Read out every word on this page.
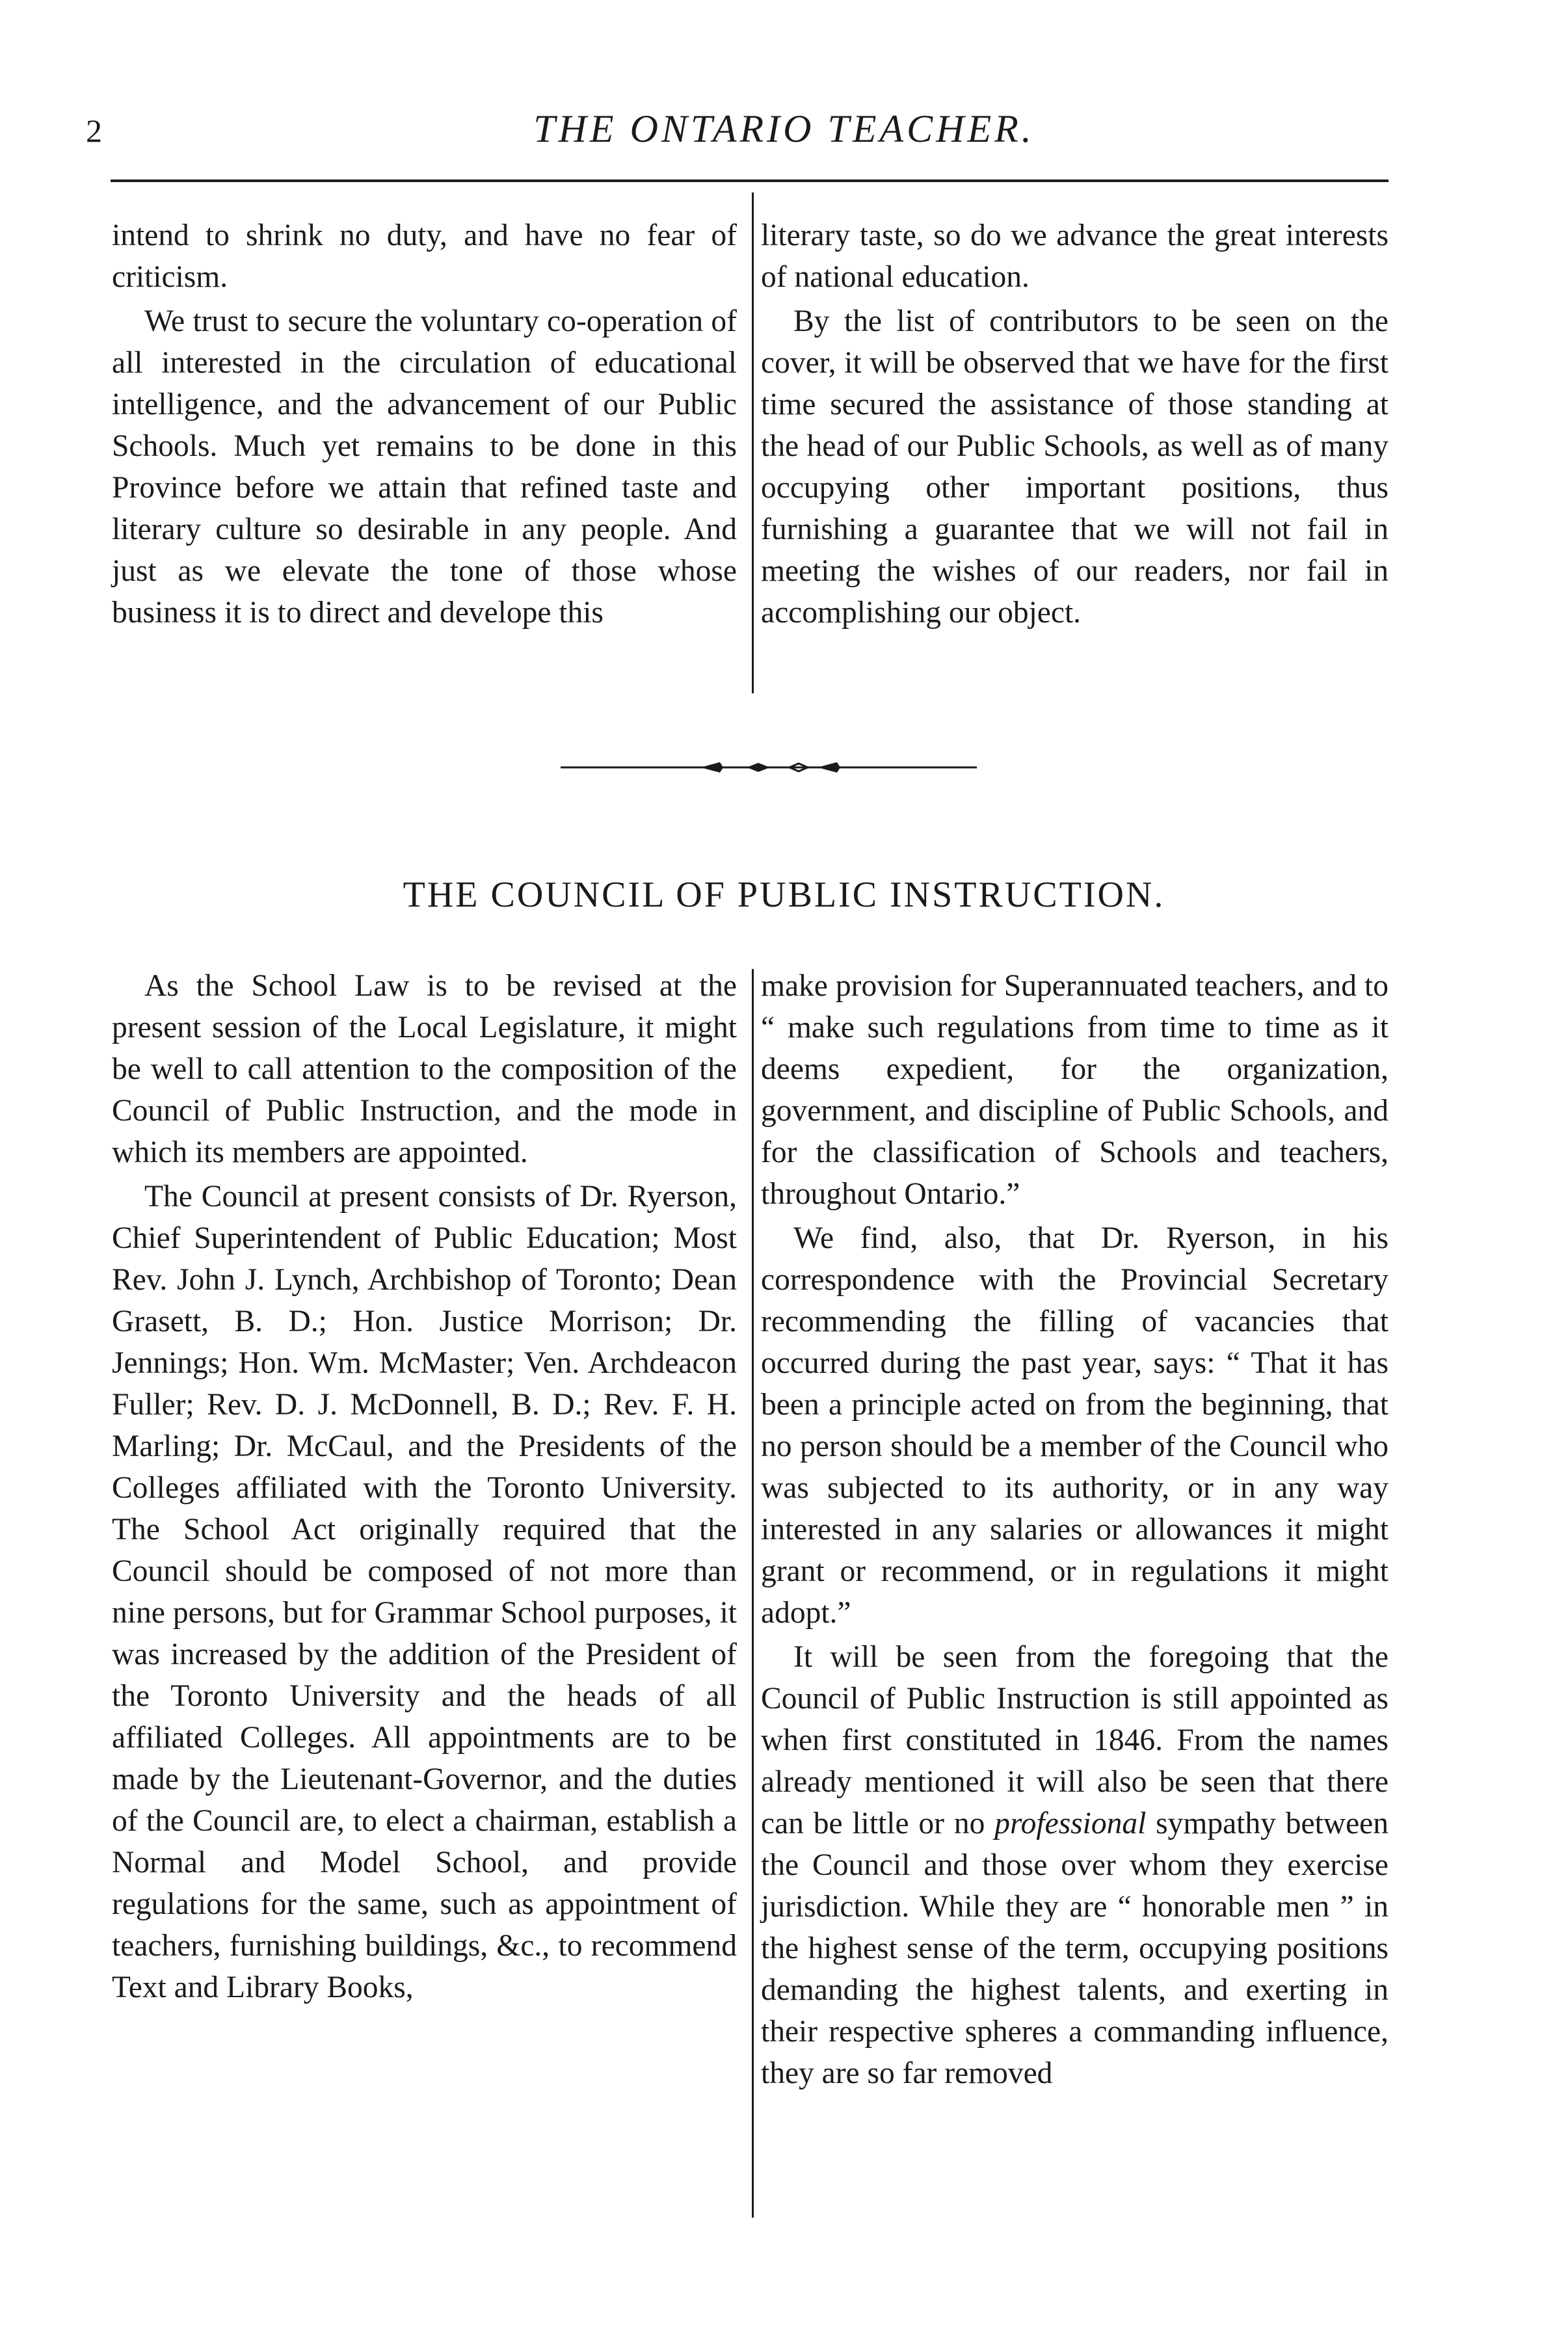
2	THE ONTARIO TEACHER.

intend to shrink no duty, and have no fear of criticism.

We trust to secure the voluntary co-operation of all interested in the circulation of educational intelligence, and the advancement of our Public Schools. Much yet remains to be done in this Province before we attain that refined taste and literary culture so desirable in any people. And just as we elevate the tone of those whose business it is to direct and develope this

literary taste, so do we advance the great interests of national education.

By the list of contributors to be seen on the cover, it will be observed that we have for the first time secured the assistance of those standing at the head of our Public Schools, as well as of many occupying other important positions, thus furnishing a guarantee that we will not fail in meeting the wishes of our readers, nor fail in accomplishing our object.

THE COUNCIL OF PUBLIC INSTRUCTION.

As the School Law is to be revised at the present session of the Local Legislature, it might be well to call attention to the composition of the Council of Public Instruction, and the mode in which its members are appointed.

The Council at present consists of Dr. Ryerson, Chief Superintendent of Public Education; Most Rev. John J. Lynch, Archbishop of Toronto; Dean Grasett, B. D.; Hon. Justice Morrison; Dr. Jennings; Hon. Wm. McMaster; Ven. Archdeacon Fuller; Rev. D. J. McDonnell, B. D.; Rev. F. H. Marling; Dr. McCaul, and the Presidents of the Colleges affiliated with the Toronto University. The School Act originally required that the Council should be composed of not more than nine persons, but for Grammar School purposes, it was increased by the addition of the President of the Toronto University and the heads of all affiliated Colleges. All appointments are to be made by the Lieutenant-Governor, and the duties of the Council are, to elect a chairman, establish a Normal and Model School, and provide regulations for the same, such as appointment of teachers, furnishing buildings, &c., to recommend Text and Library Books,

make provision for Superannuated teachers, and to “ make such regulations from time to time as it deems expedient, for the organization, government, and discipline of Public Schools, and for the classification of Schools and teachers, throughout Ontario.”

We find, also, that Dr. Ryerson, in his correspondence with the Provincial Secretary recommending the filling of vacancies that occurred during the past year, says: “ That it has been a principle acted on from the beginning, that no person should be a member of the Council who was subjected to its authority, or in any way interested in any salaries or allowances it might grant or recommend, or in regulations it might adopt.”

It will be seen from the foregoing that the Council of Public Instruction is still appointed as when first constituted in 1846. From the names already mentioned it will also be seen that there can be little or no professional sympathy between the Council and those over whom they exercise jurisdiction. While they are “ honorable men ” in the highest sense of the term, occupying positions demanding the highest talents, and exerting in their respective spheres a commanding influence, they are so far removed
